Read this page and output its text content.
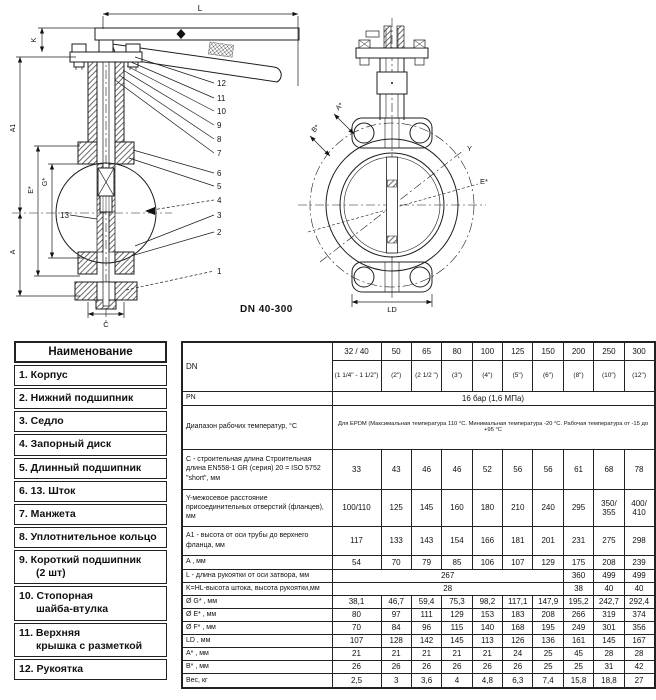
L
K
A1
E*
G*
A
C
12
11
10
9
8
7
6
5
4
3
2
1
13
DN 40-300
A*
B*
Y
E*
LD
Наименование
1. Корпус
2. Нижний подшипник
3. Седло
4. Запорный диск
5. Длинный подшипник
6. 13. Шток
7. Манжета
8. Уплотнительное кольцо
9. Короткий подшипник
(2 шт)
10. Стопорная
шайба-втулка
11. Верхняя
крышка с разметкой
12. Рукоятка
DN	32 / 40	50	65	80	100	125	150	200	250	300
	(1 1/4" - 1 1/2")	(2")	(2 1/2 ")	(3")	(4")	(5")	(6")	(8")	(10")	(12")
PN	16 бар (1,6 МПа)									
Диапазон рабочих температур, °C	Для EPDM (Максимальная температура 110 °C. Минимальная температура -20 °C. Рабочая температура от -15 до +95 °C									
C - строительная длина Строительная длина EN558-1 GR (серия) 20 = ISO 5752 "short", мм	33	43	46	46	52	56	56	61	68	78
Y-межосевое расстояние присоединительных отверстий (фланцев), мм	100/110	125	145	160	180	210	240	295	350/ 355	400/ 410
A1 - высота от оси трубы до верхнего фланца, мм	117	133	143	154	166	181	201	231	275	298
A , мм	54	70	79	85	106	107	129	175	208	239
L - длина рукоятки от оси затвора, мм	267							360	499	499
K=HL-высота штока, высота рукоятки,мм	28							38	40	40
Ø G* , мм	38,1	46,7	59,4	75,3	98,2	117,1	147,9	195,2	242,7	292,4
Ø E* , мм	80	97	111	129	153	183	208	266	319	374
Ø F* , мм	70	84	96	115	140	168	195	249	301	356
LD , мм	107	128	142	145	113	126	136	161	145	167
A* , мм	21	21	21	21	21	24	25	45	28	28
B* , мм	26	26	26	26	26	26	25	25	31	42
Вес, кг	2,5	3	3,6	4	4,8	6,3	7,4	15,8	18,8	27
